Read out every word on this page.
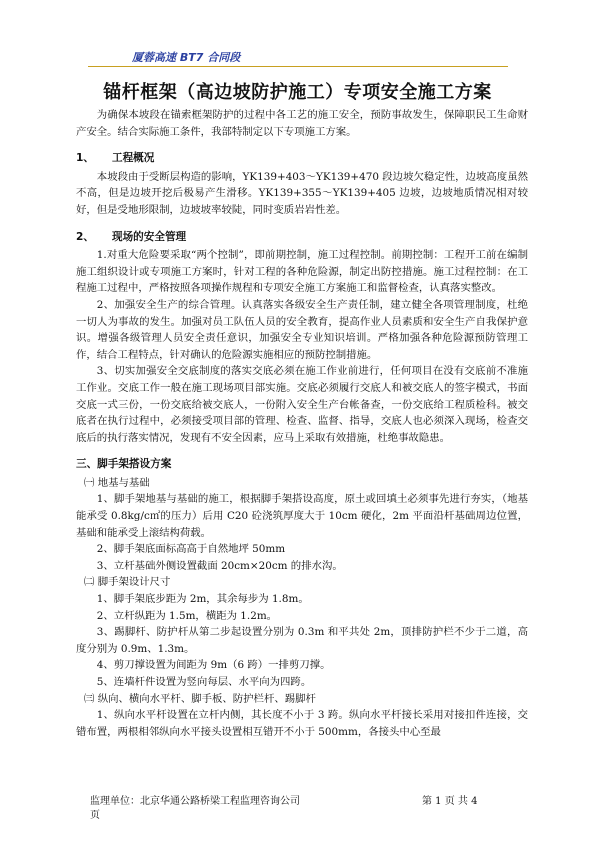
厦蓉高速 BT7 合同段
锚杆框架（高边坡防护施工）专项安全施工方案

为确保本坡段在锚索框架防护的过程中各工艺的施工安全，预防事故发生，保障职民工生命财产安全。结合实际施工条件，我部特制定以下专项施工方案。

1、 工程概况

本坡段由于受断层构造的影响，YK139+403～YK139+470 段边坡欠稳定性，边坡高度虽然不高，但是边坡开挖后极易产生滑移。YK139+355～YK139+405 边坡，边坡地质情况相对较好，但是受地形限制，边坡坡率较陡，同时变质岩岩性差。

2、 现场的安全管理

1.对重大危险要采取“两个控制”，即前期控制，施工过程控制。前期控制：工程开工前在编制施工组织设计或专项施工方案时，针对工程的各种危险源，制定出防控措施。施工过程控制：在工程施工过程中，严格按照各项操作规程和专项安全施工方案施工和监督检查，认真落实整改。

2、加强安全生产的综合管理。认真落实各级安全生产责任制，建立健全各项管理制度，杜绝一切人为事故的发生。加强对员工队伍人员的安全教育，提高作业人员素质和安全生产自我保护意识。增强各级管理人员安全责任意识，加强安全专业知识培训。严格加强各种危险源预防管理工作，结合工程特点，针对确认的危险源实施相应的预防控制措施。

3、切实加强安全交底制度的落实交底必须在施工作业前进行，任何项目在没有交底前不准施工作业。交底工作一般在施工现场项目部实施。交底必须履行交底人和被交底人的签字模式，书面交底一式三份，一份交底给被交底人，一份附入安全生产台帐备查，一份交底给工程质检科。被交底者在执行过程中，必须接受项目部的管理、检查、监督、指导，交底人也必须深入现场，检查交底后的执行落实情况，发现有不安全因素，应马上采取有效措施，杜绝事故隐患。

三、脚手架搭设方案

㈠ 地基与基础

1、脚手架地基与基础的施工，根据脚手架搭设高度，原土或回填土必须事先进行夯实，（地基能承受 0.8kg/c㎡的压力）后用 C20 砼浇筑厚度大于 10cm 硬化，2m 平面沿杆基础周边位置，基础和能承受上滚结构荷载。

2、脚手架底面标高高于自然地坪 50mm

3、立杆基础外侧设置截面 20cm×20cm 的排水沟。

㈡ 脚手架设计尺寸

1、脚手架底步距为 2m，其余每步为 1.8m。

2、立杆纵距为 1.5m，横距为 1.2m。

3、踢脚杆、防护杆从第二步起设置分别为 0.3m 和平共处 2m，顶排防护栏不少于二道，高度分别为 0.9m、1.3m。

4、剪刀撑设置为间距为 9m（6 跨）一排剪刀撑。

5、连墙杆件设置为竖向每层、水平向为四跨。

㈢ 纵向、横向水平杆、脚手板、防护栏杆、踢脚杆

1、纵向水平杆设置在立杆内侧，其长度不小于 3 跨。纵向水平杆接长采用对接扣件连接，交错布置，两根相邻纵向水平接头设置相互错开不小于 500mm，各接头中心至最

监理单位：北京华通公路桥梁工程监理咨询公司	第 1 页 共 4
页
